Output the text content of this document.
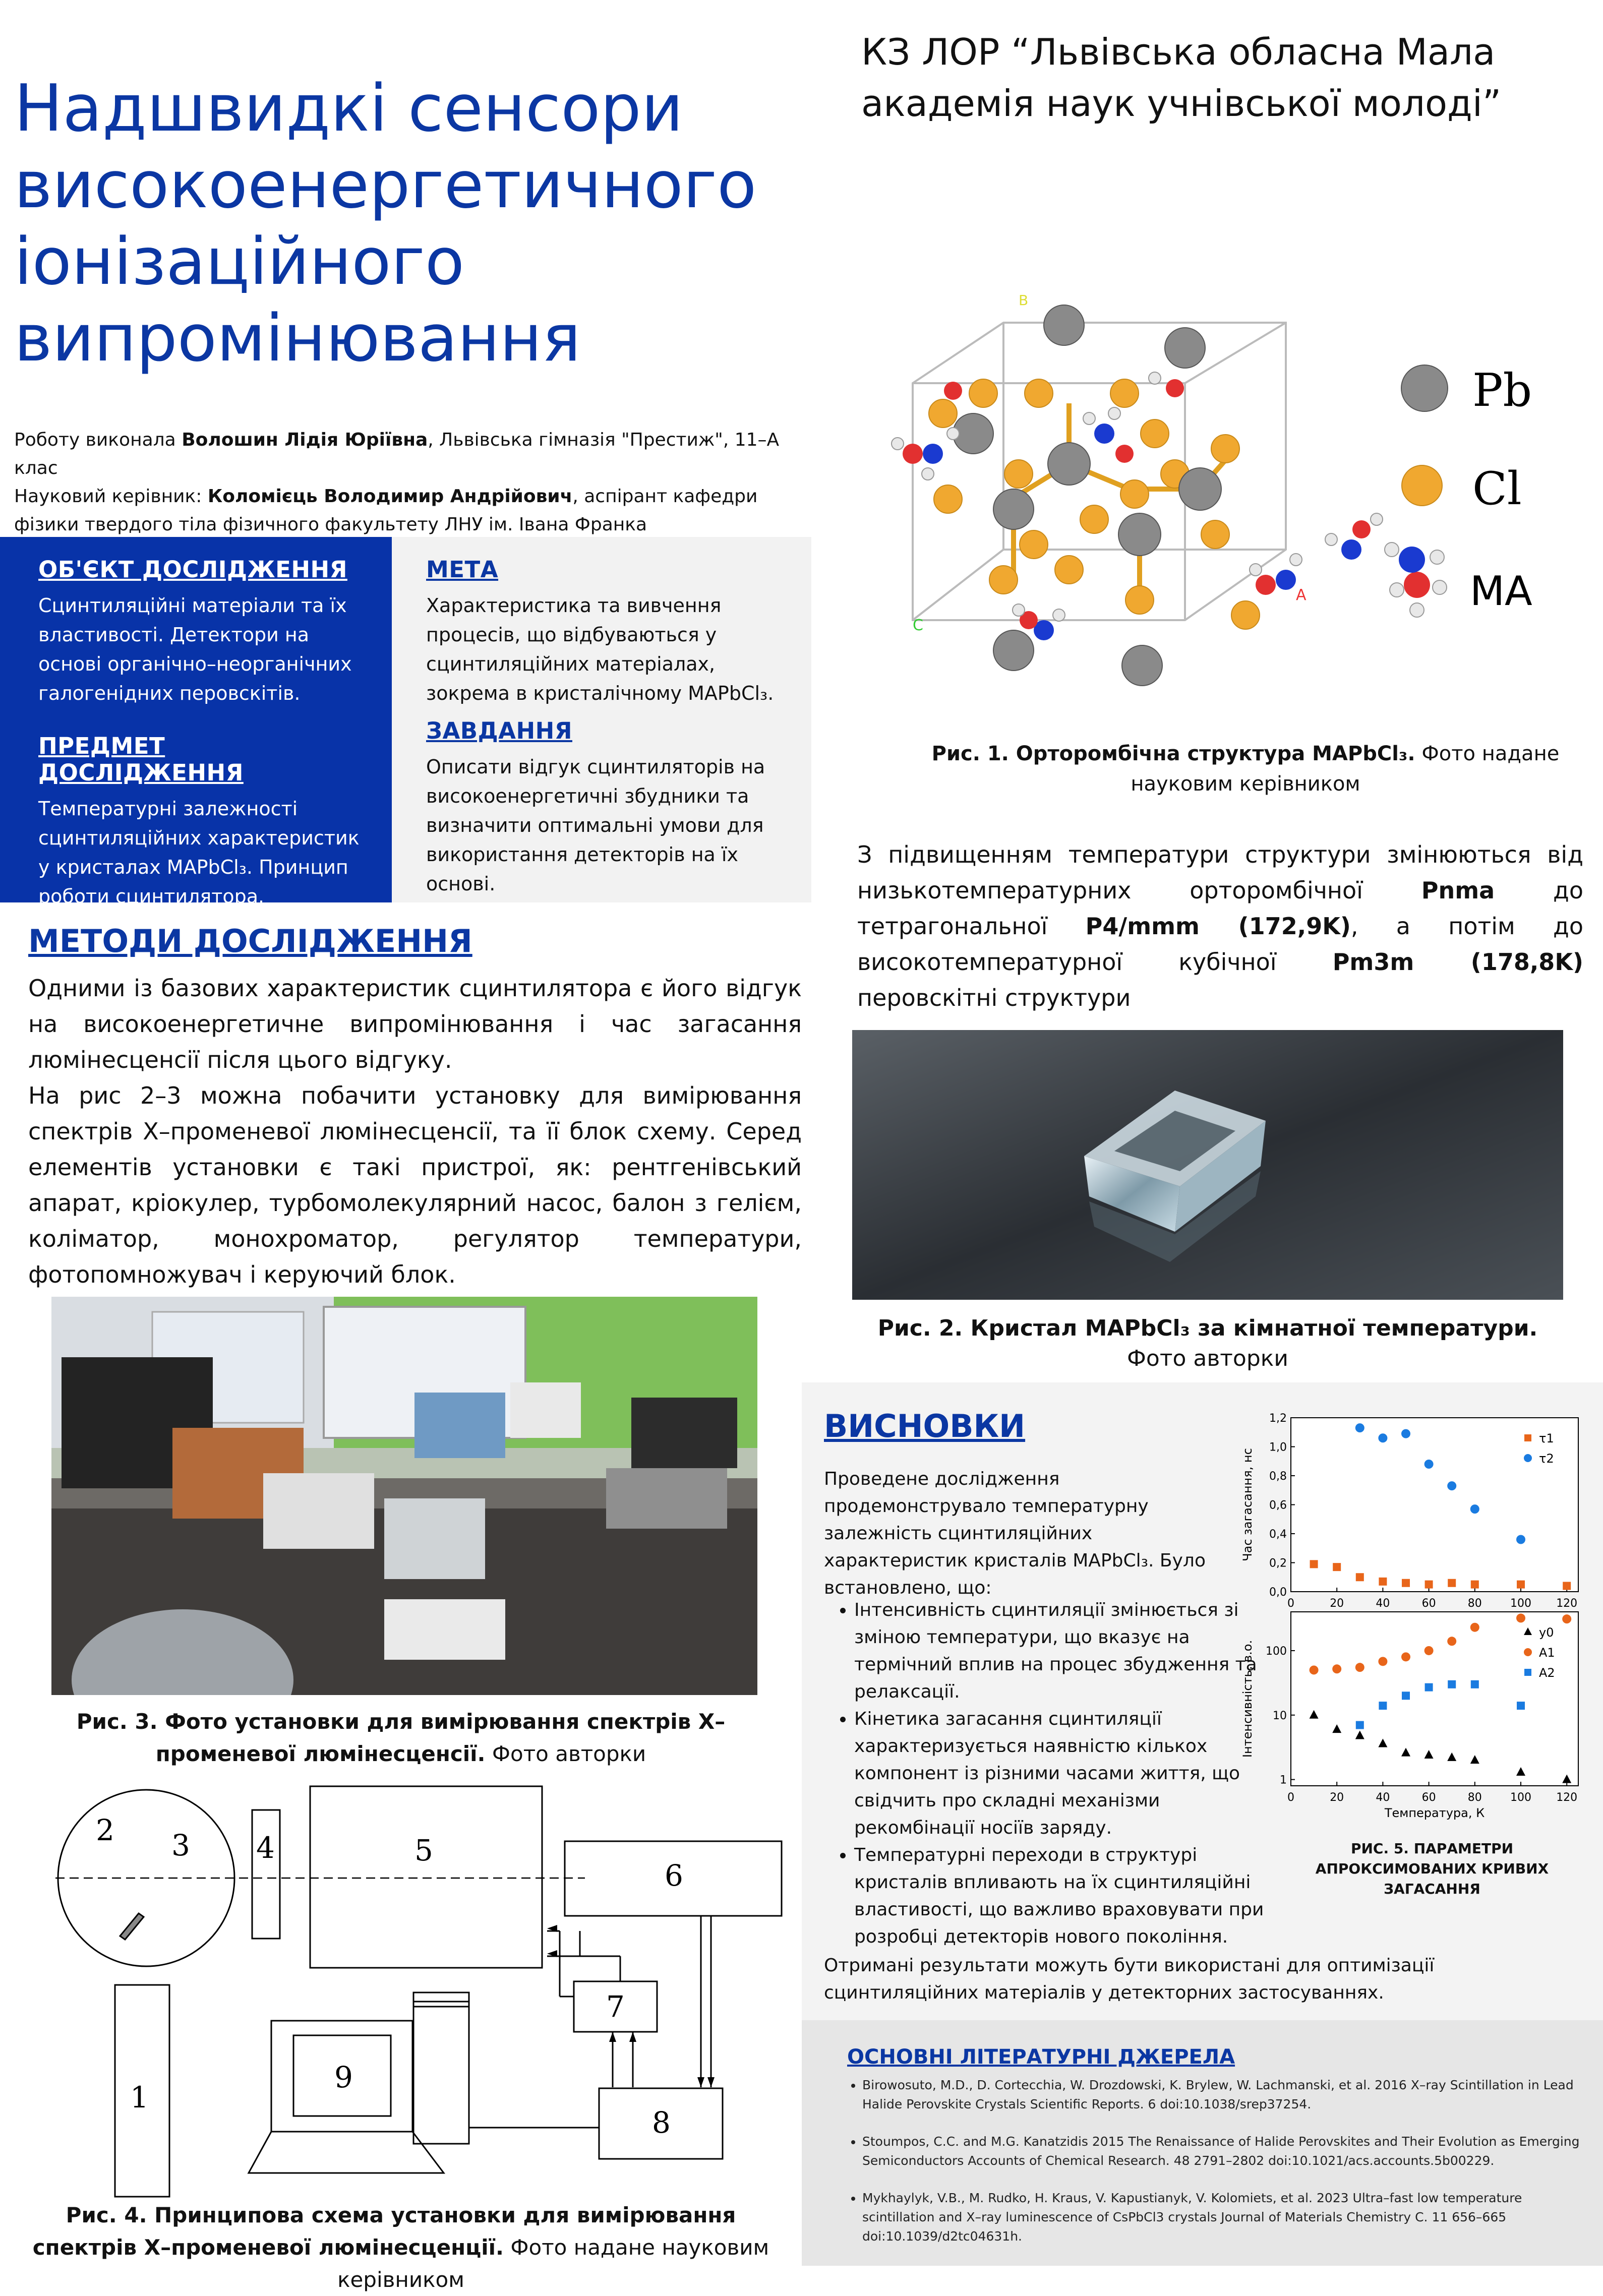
Надшвидкі сенсори високоенергетичного іонізаційного випромінювання
КЗ ЛОР “Львівська обласна Мала академія наук учнівської молоді”
Роботу виконала Волошин Лідія Юріївна, Львівська гімназія "Престиж", 11–А клас
Науковий керівник: Коломієць Володимир Андрійович, аспірант кафедри фізики твердого тіла фізичного факультету ЛНУ ім. Івана Франка
ОБ'ЄКТ ДОСЛІДЖЕННЯ

Сцинтиляційні матеріали та їх властивості. Детектори на основі органічно–неорганічних галогенідних перовскітів.

ПРЕДМЕТ ДОСЛІДЖЕННЯ

Температурні залежності сцинтиляційних характеристик у кристалах MAPbCl₃. Принцип роботи сцинтилятора.

МЕТА

Характеристика та вивчення процесів, що відбуваються у сцинтиляційних матеріалах, зокрема в кристалічному MAPbCl₃.

ЗАВДАННЯ

Описати відгук сцинтиляторів на високоенергетичні збудники та визначити оптимальні умови для використання детекторів на їх основі.

МЕТОДИ ДОСЛІДЖЕННЯ
Одними із базових характеристик сцинтилятора є його відгук на високоенергетичне випромінювання і час загасання люмінесценсії після цього відгуку.
На рис 2–3 можна побачити установку для вимірювання спектрів Х–променевої люмінесценсії, та її блок схему. Серед елементів установки є такі пристрої, як: рентгенівський апарат, кріокулер, турбомолекулярний насос, балон з гелієм, коліматор, монохроматор, регулятор температури, фотопомножувач і керуючий блок.
Рис. 3. Фото установки для вимірювання спектрів Х–променевої люмінесценсії. Фото авторки
1
2 3 4	5
6
7
8
9
Рис. 4. Принципова схема установки для вимірювання спектрів Х–променевої люмінесценції. Фото надане науковим керівником
C
A
B
Pb
Cl
MA
Рис. 1. Орторомбічна структура MAPbCl₃. Фото надане науковим керівником
З підвищенням температури структури змінюються від низькотемпературних орторомбічної Pnma до тетрагональної P4/mmm (172,9K), а потім до високотемпературної кубічної Pm3m (178,8K) перовскітні структури
Рис. 2. Кристал MAPbCl₃ за кімнатної температури.
Фото авторки
ВИСНОВКИ
Проведене дослідження продемонструвало температурну залежність сцинтиляційних характеристик кристалів MAPbCl₃. Було встановлено, що:
• Інтенсивність сцинтиляції змінюється зі зміною температури, що вказує на термічний вплив на процес збудження та релаксації.
• Кінетика загасання сцинтиляції характеризується наявністю кількох компонент із різними часами життя, що свідчить про складні механізми рекомбінації носіїв заряду.
• Температурні переходи в структурі кристалів впливають на їх сцинтиляційні властивості, що важливо враховувати при розробці детекторів нового покоління.
Отримані результати можуть бути використані для оптимізації сцинтиляційних матеріалів у детекторних застосуваннях.
0	20	40	60	80	100 120
0,0
0,2
0,4
0,6
0,8
1,0
1,2
Час загасання, нс
τ1
τ2
0	20	40	60	80	100 120
1
10
100
Інтенсивність, в.о.
Температура, К
y0
A1
A2
РИС. 5. ПАРАМЕТРИ АПРОКСИМОВАНИХ КРИВИХ ЗАГАСАННЯ
ОСНОВНІ ЛІТЕРАТУРНІ ДЖЕРЕЛА
• Birowosuto, M.D., D. Cortecchia, W. Drozdowski, K. Brylew, W. Lachmanski, et al. 2016 X–ray Scintillation in Lead Halide Perovskite Crystals Scientific Reports. 6 doi:10.1038/srep37254.
• Stoumpos, C.C. and M.G. Kanatzidis 2015 The Renaissance of Halide Perovskites and Their Evolution as Emerging Semiconductors Accounts of Chemical Research. 48 2791–2802 doi:10.1021/acs.accounts.5b00229.
• Mykhaylyk, V.B., M. Rudko, H. Kraus, V. Kapustianyk, V. Kolomiets, et al. 2023 Ultra–fast low temperature scintillation and X–ray luminescence of CsPbCl3 crystals Journal of Materials Chemistry C. 11 656–665 doi:10.1039/d2tc04631h.
